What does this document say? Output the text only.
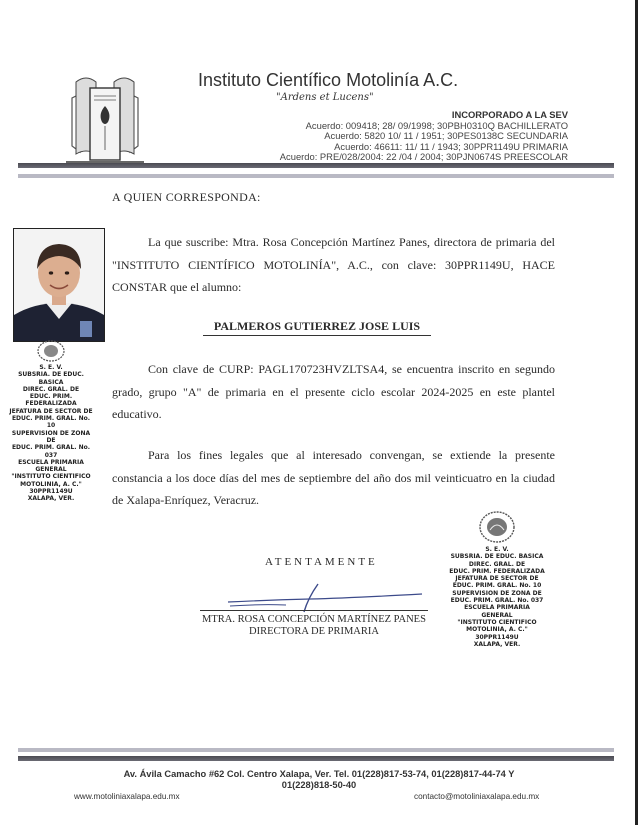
Instituto Científico Motolinía A.C.
"Ardens et Lucens"
INCORPORADO A LA SEV
Acuerdo: 009418; 28/ 09/1998; 30PBH0310Q BACHILLERATO
Acuerdo: 5820 10/ 11 / 1951; 30PES0138C SECUNDARIA
Acuerdo: 46611: 11/ 11 / 1943; 30PPR1149U PRIMARIA
Acuerdo: PRE/028/2004: 22 /04 / 2004; 30PJN0674S PREESCOLAR
A QUIEN CORRESPONDA:
La que suscribe: Mtra. Rosa Concepción Martínez Panes, directora de primaria del "INSTITUTO CIENTÍFICO MOTOLINÍA", A.C., con clave: 30PPR1149U, HACE CONSTAR que el alumno:
PALMEROS GUTIERREZ JOSE LUIS
Con clave de CURP: PAGL170723HVZLTSA4, se encuentra inscrito en segundo grado, grupo "A" de primaria en el presente ciclo escolar 2024-2025 en este plantel educativo.
Para los fines legales que al interesado convengan, se extiende la presente constancia a los doce días del mes de septiembre del año dos mil veinticuatro en la ciudad de Xalapa-Enríquez, Veracruz.
S. E. V.
SUBSRIA. DE EDUC. BASICA
DIREC. GRAL. DE
EDUC. PRIM. FEDERALIZADA
JEFATURA DE SECTOR DE
EDUC. PRIM. GRAL. No. 10
SUPERVISION DE ZONA DE
EDUC. PRIM. GRAL. No. 037
ESCUELA PRIMARIA GENERAL
"INSTITUTO CIENTIFICO
MOTOLINIA, A. C."
30PPR1149U
XALAPA, VER.
ATENTAMENTE
MTRA. ROSA CONCEPCIÓN MARTÍNEZ PANES
DIRECTORA DE PRIMARIA
S. E. V.
SUBSRIA. DE EDUC. BASICA
DIREC. GRAL. DE
EDUC. PRIM. FEDERALIZADA
JEFATURA DE SECTOR DE
EDUC. PRIM. GRAL. No. 10
SUPERVISION DE ZONA DE
EDUC. PRIM. GRAL. No. 037
ESCUELA PRIMARIA GENERAL
"INSTITUTO CIENTIFICO
MOTOLINIA, A. C."
30PPR1149U
XALAPA, VER.
Av. Ávila Camacho #62 Col. Centro Xalapa, Ver. Tel. 01(228)817-53-74, 01(228)817-44-74 Y
01(228)818-50-40
www.motoliniaxalapa.edu.mx	contacto@motoliniaxalapa.edu.mx
